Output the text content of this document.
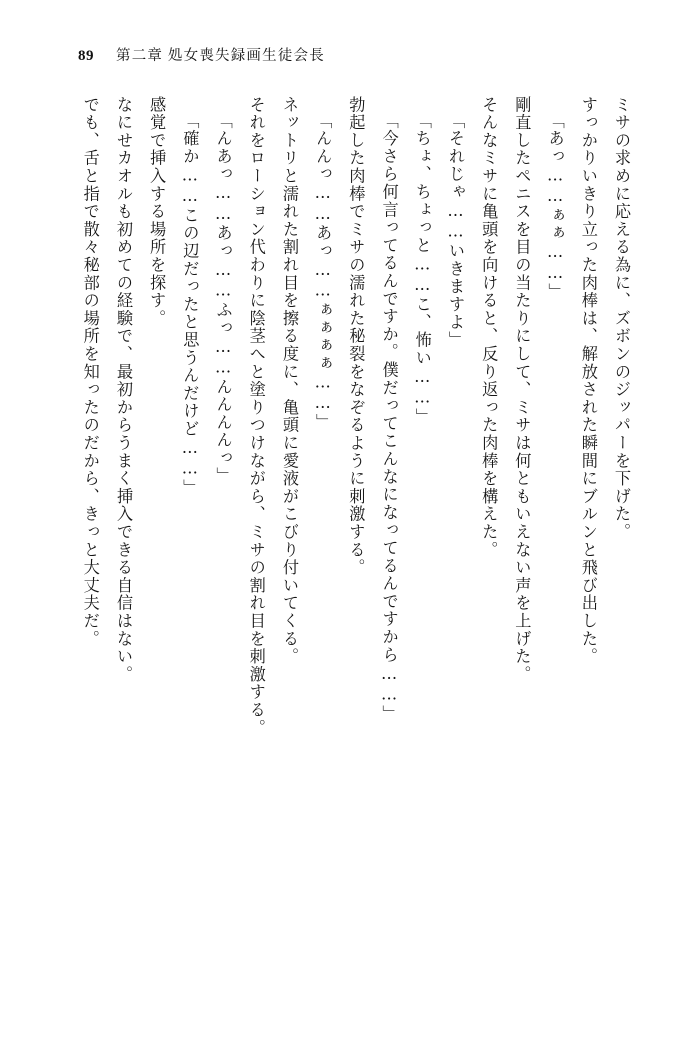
89 第二章 処女喪失録画生徒会長

ミサの求めに応える為に、ズボンのジッパーを下げた。

すっかりいきり立った肉棒は、解放された瞬間にブルンと飛び出した。

「あっ……ぁぁ……」

剛直したペニスを目の当たりにして、ミサは何ともいえない声を上げた。

そんなミサに亀頭を向けると、反り返った肉棒を構えた。

「それじゃ……いきますよ」

「ちょ、ちょっと……こ、怖い……」

「今さら何言ってるんですか。僕だってこんなになってるんですから……」

勃起した肉棒でミサの濡れた秘裂をなぞるように刺激する。

「んんっ……あっ……ぁぁぁぁ……」

ネットリと濡れた割れ目を擦る度に、亀頭に愛液がこびり付いてくる。

それをローション代わりに陰茎へと塗りつけながら、ミサの割れ目を刺激する。

「んあっ……あっ……ふっ……んんんんっ」

「確か……この辺だったと思うんだけど……」

感覚で挿入する場所を探す。

なにせカオルも初めての経験で、最初からうまく挿入できる自信はない。

でも、舌と指で散々秘部の場所を知ったのだから、きっと大丈夫だ。
